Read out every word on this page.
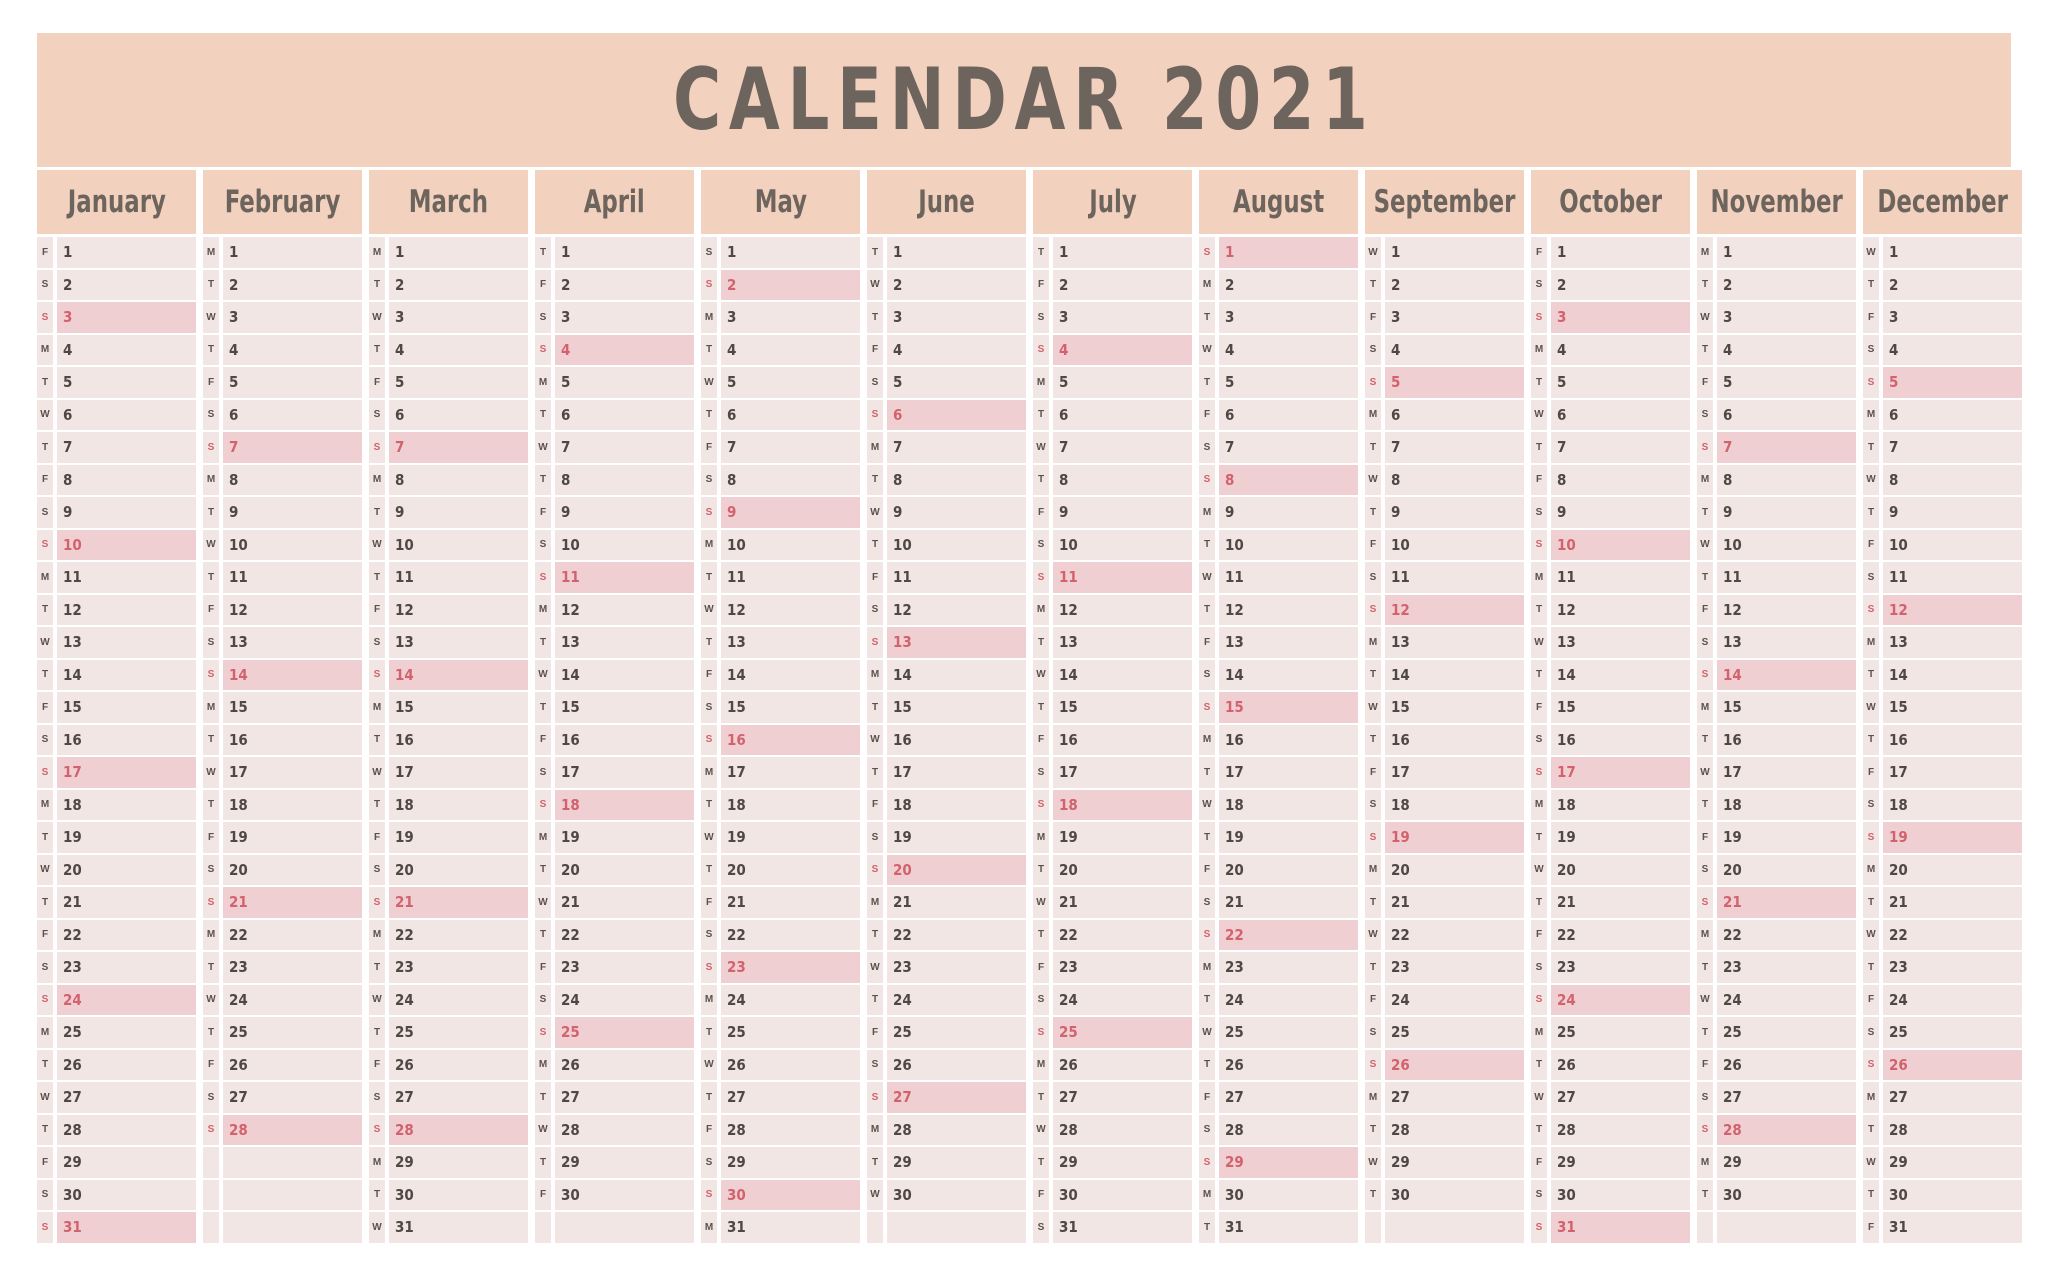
CALENDAR 2021
January
F 1
S 2
S 3
M 4
T 5
W 6
T 7
F 8
S 9
S 10
M 11
T 12
W 13
T 14
F 15
S 16
S 17
M 18
T 19
W 20
T 21
F 22
S 23
S 24
M 25
T 26
W 27
T 28
F 29
S 30
S 31
February
M 1
T 2
W 3
T 4
F 5
S 6
S 7
M 8
T 9
W 10
T 11
F 12
S 13
S 14
M 15
T 16
W 17
T 18
F 19
S 20
S 21
M 22
T 23
W 24
T 25
F 26
S 27
S 28
March
M 1
T 2
W 3
T 4
F 5
S 6
S 7
M 8
T 9
W 10
T 11
F 12
S 13
S 14
M 15
T 16
W 17
T 18
F 19
S 20
S 21
M 22
T 23
W 24
T 25
F 26
S 27
S 28
M 29
T 30
W 31
April
T 1
F 2
S 3
S 4
M 5
T 6
W 7
T 8
F 9
S 10
S 11
M 12
T 13
W 14
T 15
F 16
S 17
S 18
M 19
T 20
W 21
T 22
F 23
S 24
S 25
M 26
T 27
W 28
T 29
F 30
May
S 1
S 2
M 3
T 4
W 5
T 6
F 7
S 8
S 9
M 10
T 11
W 12
T 13
F 14
S 15
S 16
M 17
T 18
W 19
T 20
F 21
S 22
S 23
M 24
T 25
W 26
T 27
F 28
S 29
S 30
M 31
June
T 1
W 2
T 3
F 4
S 5
S 6
M 7
T 8
W 9
T 10
F 11
S 12
S 13
M 14
T 15
W 16
T 17
F 18
S 19
S 20
M 21
T 22
W 23
T 24
F 25
S 26
S 27
M 28
T 29
W 30
July
T 1
F 2
S 3
S 4
M 5
T 6
W 7
T 8
F 9
S 10
S 11
M 12
T 13
W 14
T 15
F 16
S 17
S 18
M 19
T 20
W 21
T 22
F 23
S 24
S 25
M 26
T 27
W 28
T 29
F 30
S 31
August
S 1
M 2
T 3
W 4
T 5
F 6
S 7
S 8
M 9
T 10
W 11
T 12
F 13
S 14
S 15
M 16
T 17
W 18
T 19
F 20
S 21
S 22
M 23
T 24
W 25
T 26
F 27
S 28
S 29
M 30
T 31
September
W 1
T 2
F 3
S 4
S 5
M 6
T 7
W 8
T 9
F 10
S 11
S 12
M 13
T 14
W 15
T 16
F 17
S 18
S 19
M 20
T 21
W 22
T 23
F 24
S 25
S 26
M 27
T 28
W 29
T 30
October
F 1
S 2
S 3
M 4
T 5
W 6
T 7
F 8
S 9
S 10
M 11
T 12
W 13
T 14
F 15
S 16
S 17
M 18
T 19
W 20
T 21
F 22
S 23
S 24
M 25
T 26
W 27
T 28
F 29
S 30
S 31
November
M 1
T 2
W 3
T 4
F 5
S 6
S 7
M 8
T 9
W 10
T 11
F 12
S 13
S 14
M 15
T 16
W 17
T 18
F 19
S 20
S 21
M 22
T 23
W 24
T 25
F 26
S 27
S 28
M 29
T 30
December
W 1
T 2
F 3
S 4
S 5
M 6
T 7
W 8
T 9
F 10
S 11
S 12
M 13
T 14
W 15
T 16
F 17
S 18
S 19
M 20
T 21
W 22
T 23
F 24
S 25
S 26
M 27
T 28
W 29
T 30
F 31
